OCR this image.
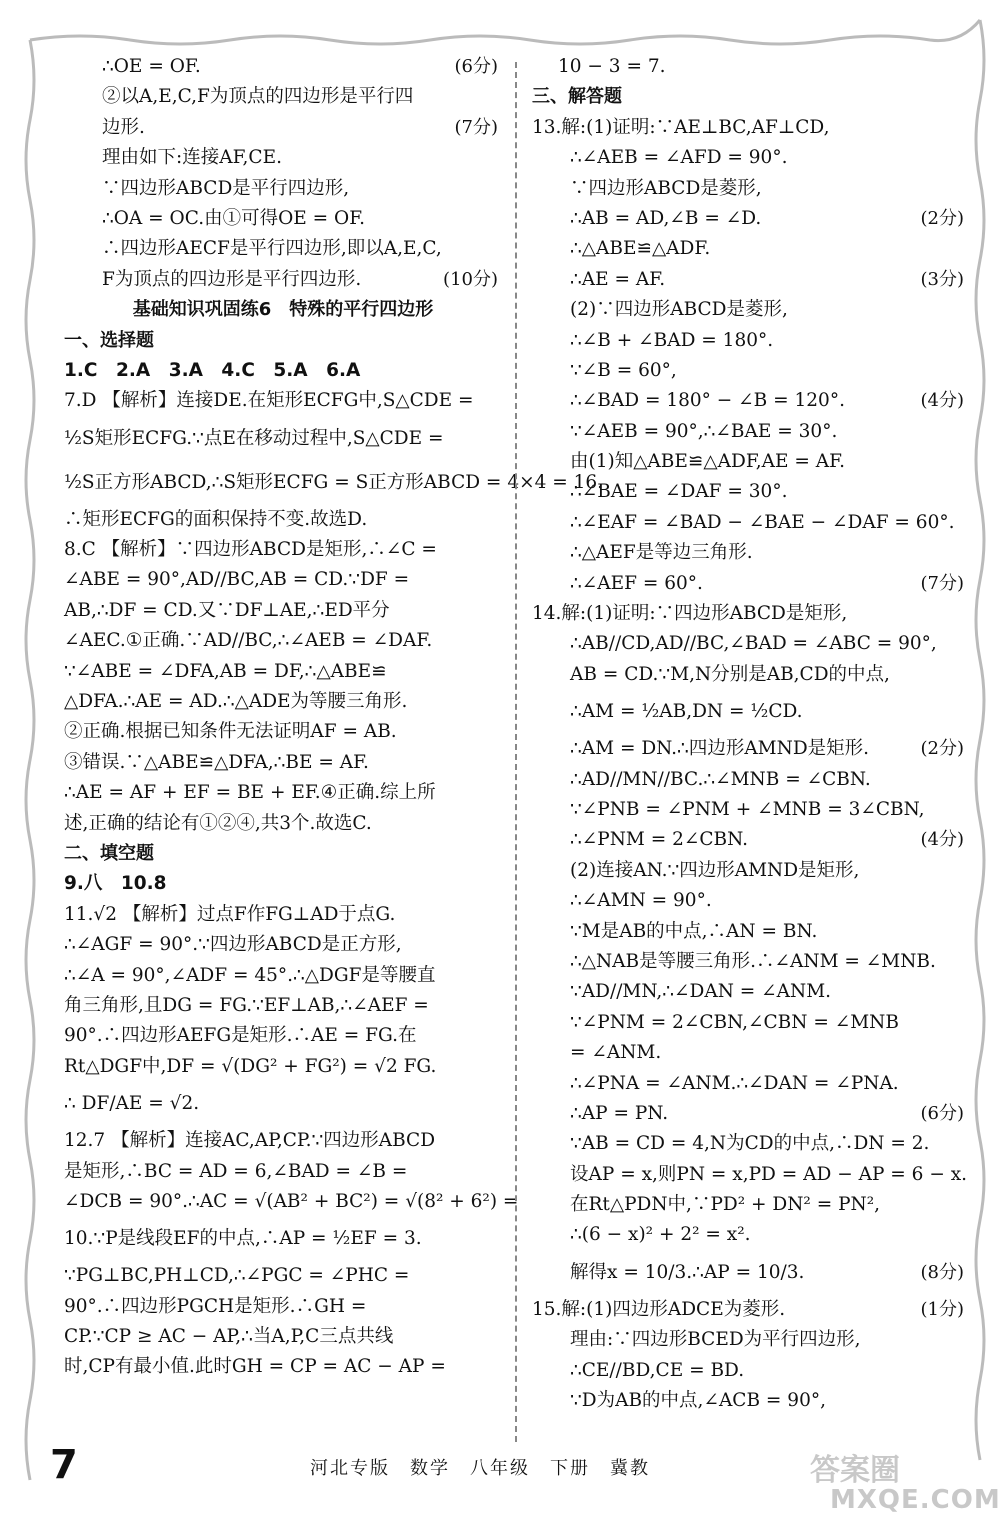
∴OE = OF.	(6分)
②以A,E,C,F为顶点的四边形是平行四
边形.	(7分)
理由如下:连接AF,CE.
∵四边形ABCD是平行四边形,
∴OA = OC.由①可得OE = OF.
∴四边形AECF是平行四边形,即以A,E,C,
F为顶点的四边形是平行四边形.	(10分)
基础知识巩固练6　特殊的平行四边形
一、选择题
1.C　2.A　3.A　4.C　5.A　6.A
7.D 【解析】连接DE.在矩形ECFG中,S△CDE =
½S矩形ECFG.∵点E在移动过程中,S△CDE =
½S正方形ABCD,∴S矩形ECFG = S正方形ABCD = 4×4 = 16.
∴矩形ECFG的面积保持不变.故选D.
8.C 【解析】∵四边形ABCD是矩形,∴∠C =
∠ABE = 90°,AD//BC,AB = CD.∵DF =
AB,∴DF = CD.又∵DF⊥AE,∴ED平分
∠AEC.①正确.∵AD//BC,∴∠AEB = ∠DAF.
∵∠ABE = ∠DFA,AB = DF,∴△ABE≌
△DFA.∴AE = AD.∴△ADE为等腰三角形.
②正确.根据已知条件无法证明AF = AB.
③错误.∵△ABE≌△DFA,∴BE = AF.
∴AE = AF + EF = BE + EF.④正确.综上所
述,正确的结论有①②④,共3个.故选C.
二、填空题
9.八　10.8
11.√2 【解析】过点F作FG⊥AD于点G.
∴∠AGF = 90°.∵四边形ABCD是正方形,
∴∠A = 90°,∠ADF = 45°.∴△DGF是等腰直
角三角形,且DG = FG.∵EF⊥AB,∴∠AEF =
90°.∴四边形AEFG是矩形.∴AE = FG.在
Rt△DGF中,DF = √(DG² + FG²) = √2 FG.
∴ DF/AE = √2.
12.7 【解析】连接AC,AP,CP.∵四边形ABCD
是矩形,∴BC = AD = 6,∠BAD = ∠B =
∠DCB = 90°.∴AC = √(AB² + BC²) = √(8² + 6²) =
10.∵P是线段EF的中点,∴AP = ½EF = 3.
∵PG⊥BC,PH⊥CD,∴∠PGC = ∠PHC =
90°.∴四边形PGCH是矩形.∴GH =
CP.∵CP ≥ AC − AP,∴当A,P,C三点共线
时,CP有最小值.此时GH = CP = AC − AP =
10 − 3 = 7.
三、解答题
13.解:(1)证明:∵AE⊥BC,AF⊥CD,
∴∠AEB = ∠AFD = 90°.
∵四边形ABCD是菱形,
∴AB = AD,∠B = ∠D.	(2分)
∴△ABE≌△ADF.
∴AE = AF.	(3分)
(2)∵四边形ABCD是菱形,
∴∠B + ∠BAD = 180°.
∵∠B = 60°,
∴∠BAD = 180° − ∠B = 120°.	(4分)
∵∠AEB = 90°,∴∠BAE = 30°.
由(1)知△ABE≌△ADF,AE = AF.
∴∠BAE = ∠DAF = 30°.
∴∠EAF = ∠BAD − ∠BAE − ∠DAF = 60°.
∴△AEF是等边三角形.
∴∠AEF = 60°.	(7分)
14.解:(1)证明:∵四边形ABCD是矩形,
∴AB//CD,AD//BC,∠BAD = ∠ABC = 90°,
AB = CD.∵M,N分别是AB,CD的中点,
∴AM = ½AB,DN = ½CD.
∴AM = DN.∴四边形AMND是矩形.	(2分)
∴AD//MN//BC.∴∠MNB = ∠CBN.
∵∠PNB = ∠PNM + ∠MNB = 3∠CBN,
∴∠PNM = 2∠CBN.	(4分)
(2)连接AN.∵四边形AMND是矩形,
∴∠AMN = 90°.
∵M是AB的中点,∴AN = BN.
∴△NAB是等腰三角形.∴∠ANM = ∠MNB.
∵AD//MN,∴∠DAN = ∠ANM.
∵∠PNM = 2∠CBN,∠CBN = ∠MNB
= ∠ANM.
∴∠PNA = ∠ANM.∴∠DAN = ∠PNA.
∴AP = PN.	(6分)
∵AB = CD = 4,N为CD的中点,∴DN = 2.
设AP = x,则PN = x,PD = AD − AP = 6 − x.
在Rt△PDN中,∵PD² + DN² = PN²,
∴(6 − x)² + 2² = x².
解得x = 10/3.∴AP = 10/3.	(8分)
15.解:(1)四边形ADCE为菱形.	(1分)
理由:∵四边形BCED为平行四边形,
∴CE//BD,CE = BD.
∵D为AB的中点,∠ACB = 90°,
7	河北专版　数学　八年级　下册　冀教	答案圈
MXQE.COM
